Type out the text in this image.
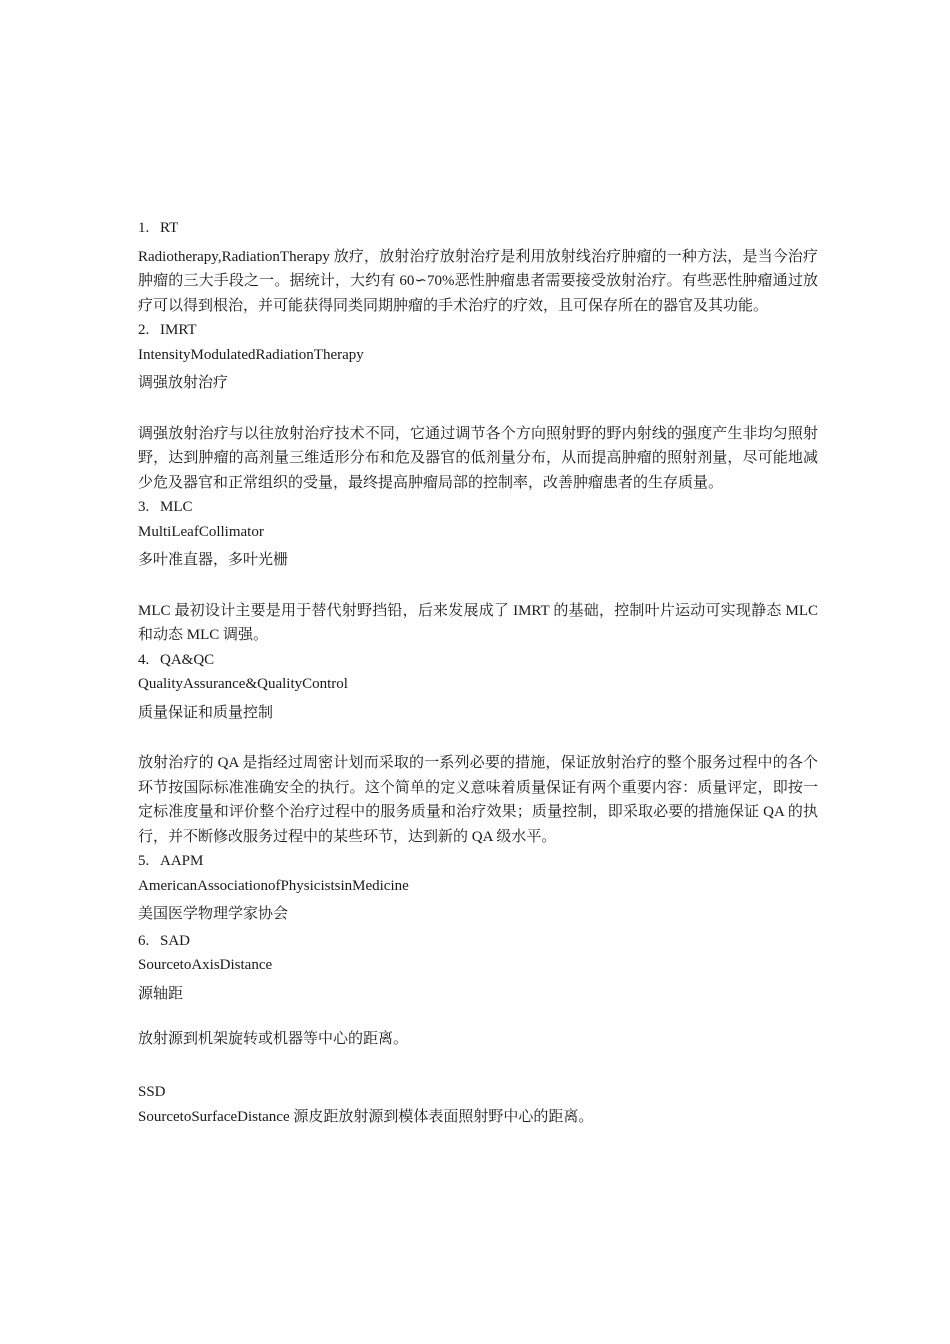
1. RT
Radiotherapy,RadiationTherapy 放疗，放射治疗放射治疗是利用放射线治疗肿瘤的一种方法，是当今治疗肿瘤的三大手段之一。据统计，大约有 60∽70%恶性肿瘤患者需要接受放射治疗。有些恶性肿瘤通过放疗可以得到根治，并可能获得同类同期肿瘤的手术治疗的疗效，且可保存所在的器官及其功能。
2. IMRT
IntensityModulatedRadiationTherapy
调强放射治疗
调强放射治疗与以往放射治疗技术不同，它通过调节各个方向照射野的野内射线的强度产生非均匀照射野，达到肿瘤的高剂量三维适形分布和危及器官的低剂量分布，从而提高肿瘤的照射剂量，尽可能地减少危及器官和正常组织的受量，最终提高肿瘤局部的控制率，改善肿瘤患者的生存质量。
3. MLC
MultiLeafCollimator
多叶准直器，多叶光栅
MLC 最初设计主要是用于替代射野挡铅，后来发展成了 IMRT 的基础，控制叶片运动可实现静态 MLC 和动态 MLC 调强。
4. QA&QC
QualityAssurance&QualityControl
质量保证和质量控制
放射治疗的 QA 是指经过周密计划而采取的一系列必要的措施，保证放射治疗的整个服务过程中的各个环节按国际标准准确安全的执行。这个简单的定义意味着质量保证有两个重要内容：质量评定，即按一定标准度量和评价整个治疗过程中的服务质量和治疗效果；质量控制，即采取必要的措施保证 QA 的执行，并不断修改服务过程中的某些环节，达到新的 QA 级水平。
5. AAPM
AmericanAssociationofPhysicistsinMedicine
美国医学物理学家协会
6. SAD
SourcetoAxisDistance
源轴距
放射源到机架旋转或机器等中心的距离。
SSD
SourcetoSurfaceDistance 源皮距放射源到模体表面照射野中心的距离。
